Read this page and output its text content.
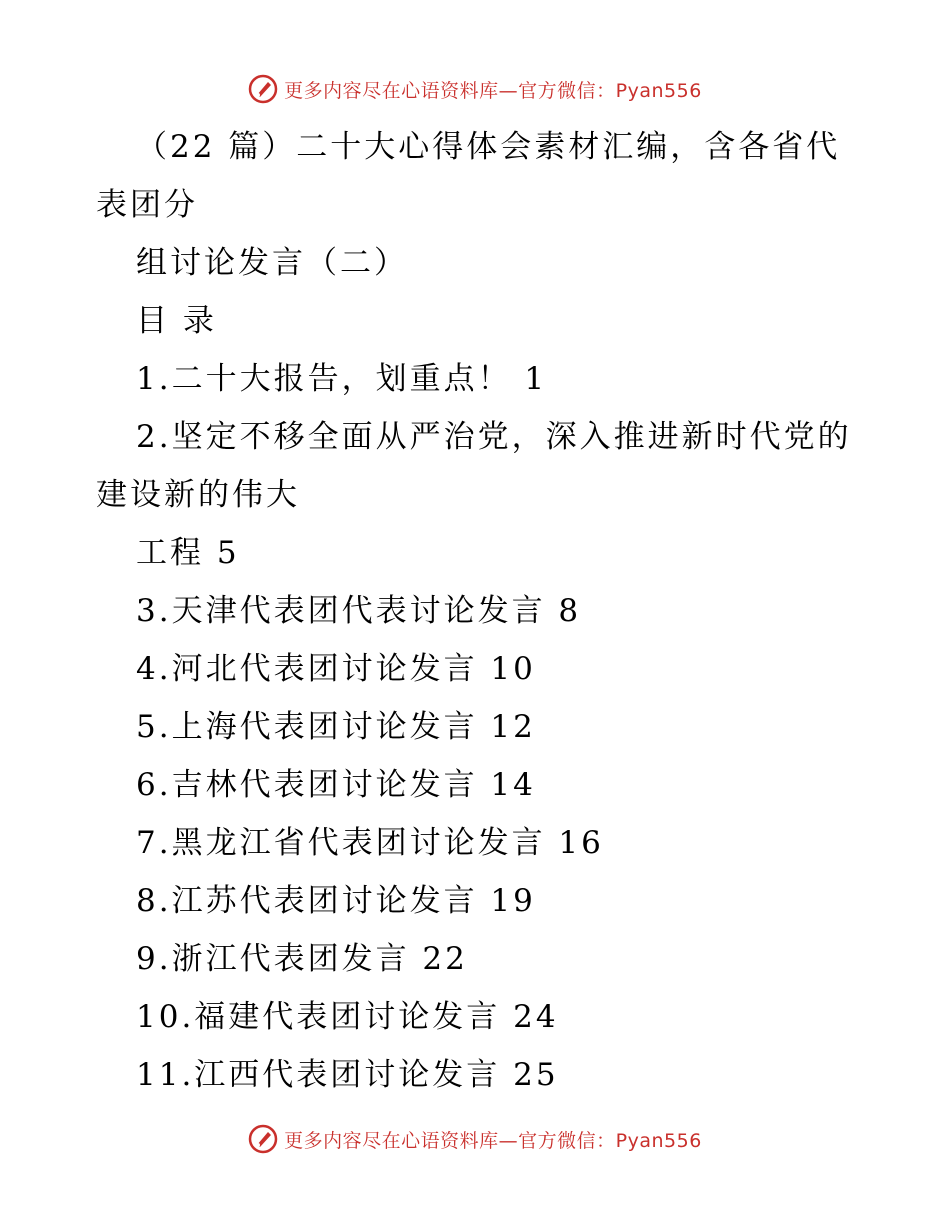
更多内容尽在心语资料库—官方微信：Pyan556
（22 篇）二十大心得体会素材汇编，含各省代
表团分
组讨论发言（二）
目 录
1.二十大报告，划重点！ 1
2.坚定不移全面从严治党，深入推进新时代党的
建设新的伟大
工程 5
3.天津代表团代表讨论发言 8
4.河北代表团讨论发言 10
5.上海代表团讨论发言 12
6.吉林代表团讨论发言 14
7.黑龙江省代表团讨论发言 16
8.江苏代表团讨论发言 19
9.浙江代表团发言 22
10.福建代表团讨论发言 24
11.江西代表团讨论发言 25
更多内容尽在心语资料库—官方微信：Pyan556
